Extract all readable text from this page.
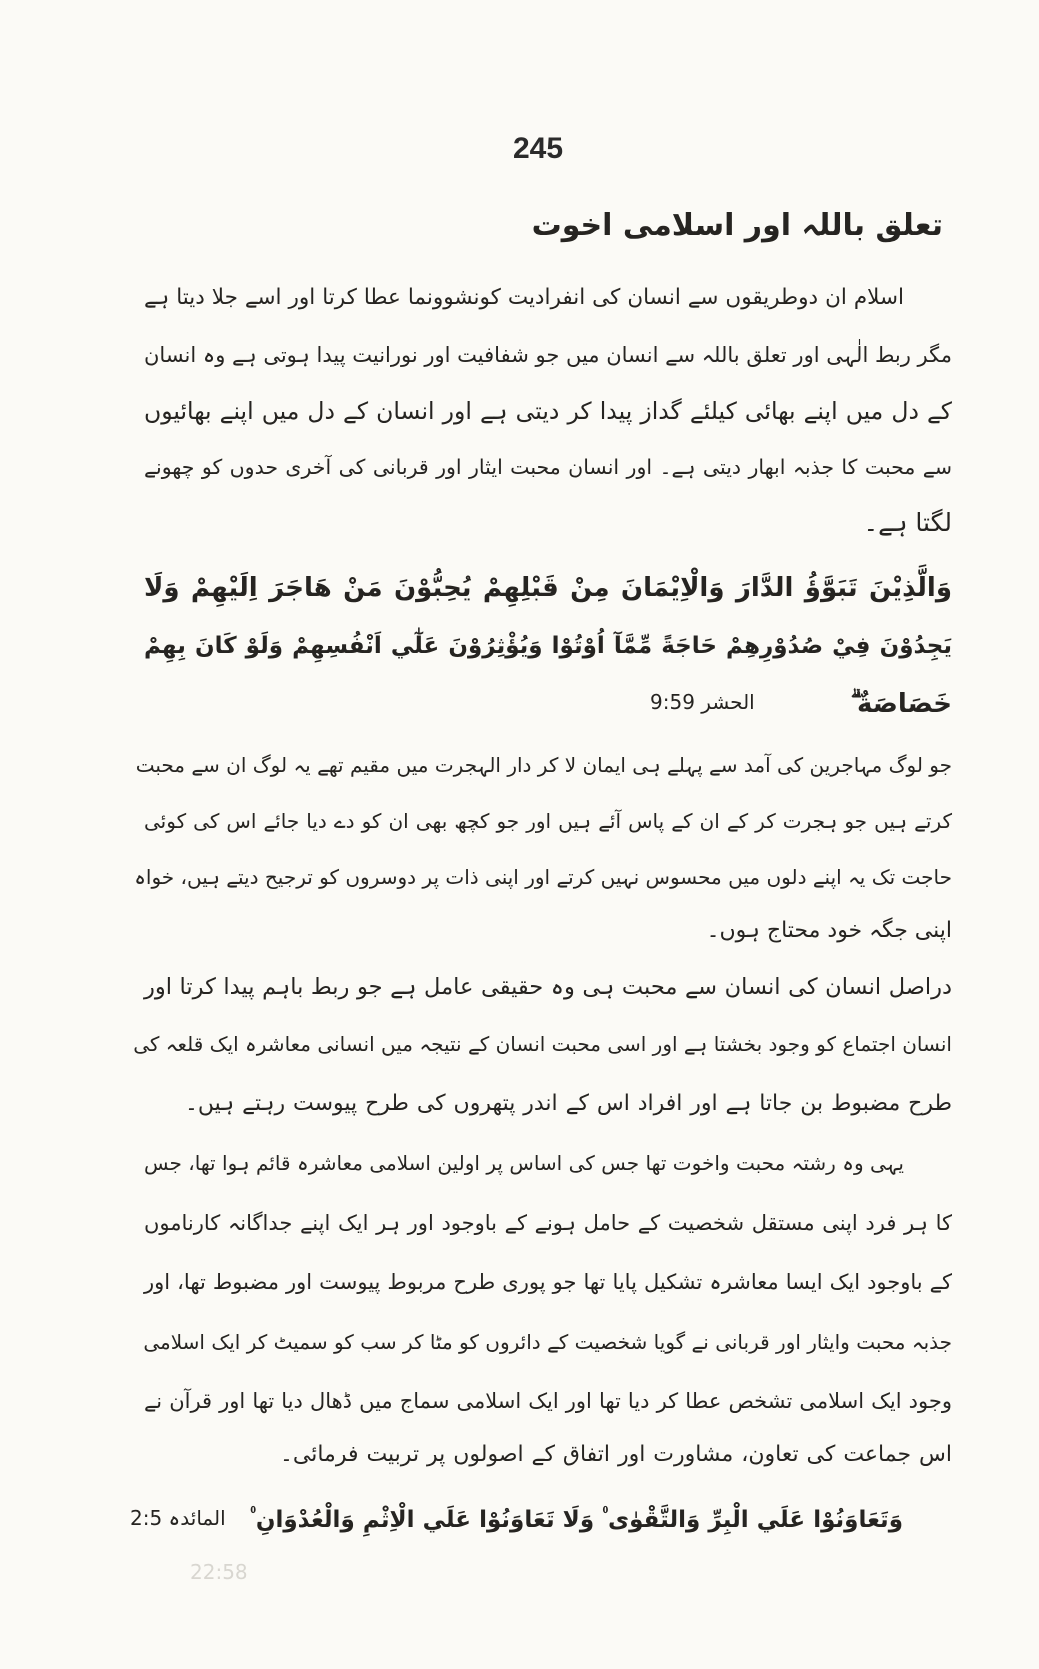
245
تعلق باللہ اور اسلامی اخوت
اسلام ان دوطریقوں سے انسان کی انفرادیت کونشوونما عطا کرتا اور اسے جلا دیتا ہے
مگر ربط الٰہی اور تعلق باللہ سے انسان میں جو شفافیت اور نورانیت پیدا ہوتی ہے وہ انسان
کے دل میں اپنے بھائی کیلئے گداز پیدا کر دیتی ہے اور انسان کے دل میں اپنے بھائیوں
سے محبت کا جذبہ ابھار دیتی ہے۔ اور انسان محبت ایثار اور قربانی کی آخری حدوں کو چھونے
لگتا ہے۔
وَالَّذِيْنَ تَبَوَّؤُ الدَّارَ وَالْاِيْمَانَ مِنْ قَبْلِهِمْ يُحِبُّوْنَ مَنْ هَاجَرَ اِلَيْهِمْ وَلَا
يَجِدُوْنَ فِيْ صُدُوْرِهِمْ حَاجَةً مِّمَّآ اُوْتُوْا وَيُؤْثِرُوْنَ عَلٰٓي اَنْفُسِهِمْ وَلَوْ كَانَ بِهِمْ
خَصَاصَةٌ ۗ
الحشر 9:59
جو لوگ مہاجرین کی آمد سے پہلے ہی ایمان لا کر دار الہجرت میں مقیم تھے یہ لوگ ان سے محبت
کرتے ہیں جو ہجرت کر کے ان کے پاس آئے ہیں اور جو کچھ بھی ان کو دے دیا جائے اس کی کوئی
حاجت تک یہ اپنے دلوں میں محسوس نہیں کرتے اور اپنی ذات پر دوسروں کو ترجیح دیتے ہیں، خواہ
اپنی جگہ خود محتاج ہوں۔
دراصل انسان کی انسان سے محبت ہی وہ حقیقی عامل ہے جو ربط باہم پیدا کرتا اور
انسان اجتماع کو وجود بخشتا ہے اور اسی محبت انسان کے نتیجہ میں انسانی معاشرہ ایک قلعہ کی
طرح مضبوط بن جاتا ہے اور افراد اس کے اندر پتھروں کی طرح پیوست رہتے ہیں۔
یہی وہ رشتہ محبت واخوت تھا جس کی اساس پر اولین اسلامی معاشرہ قائم ہوا تھا، جس
کا ہر فرد اپنی مستقل شخصیت کے حامل ہونے کے باوجود اور ہر ایک اپنے جداگانہ کارناموں
کے باوجود ایک ایسا معاشرہ تشکیل پایا تھا جو پوری طرح مربوط پیوست اور مضبوط تھا، اور
جذبہ محبت وایثار اور قربانی نے گویا شخصیت کے دائروں کو مٹا کر سب کو سمیٹ کر ایک اسلامی
وجود ایک اسلامی تشخص عطا کر دیا تھا اور ایک اسلامی سماج میں ڈھال دیا تھا اور قرآن نے
اس جماعت کی تعاون، مشاورت اور اتفاق کے اصولوں پر تربیت فرمائی۔
وَتَعَاوَنُوْا عَلَي الْبِرِّ وَالتَّقْوٰى ۠ وَلَا تَعَاوَنُوْا عَلَي الْاِثْمِ وَالْعُدْوَانِ ۠
المائدہ 2:5
22:58
